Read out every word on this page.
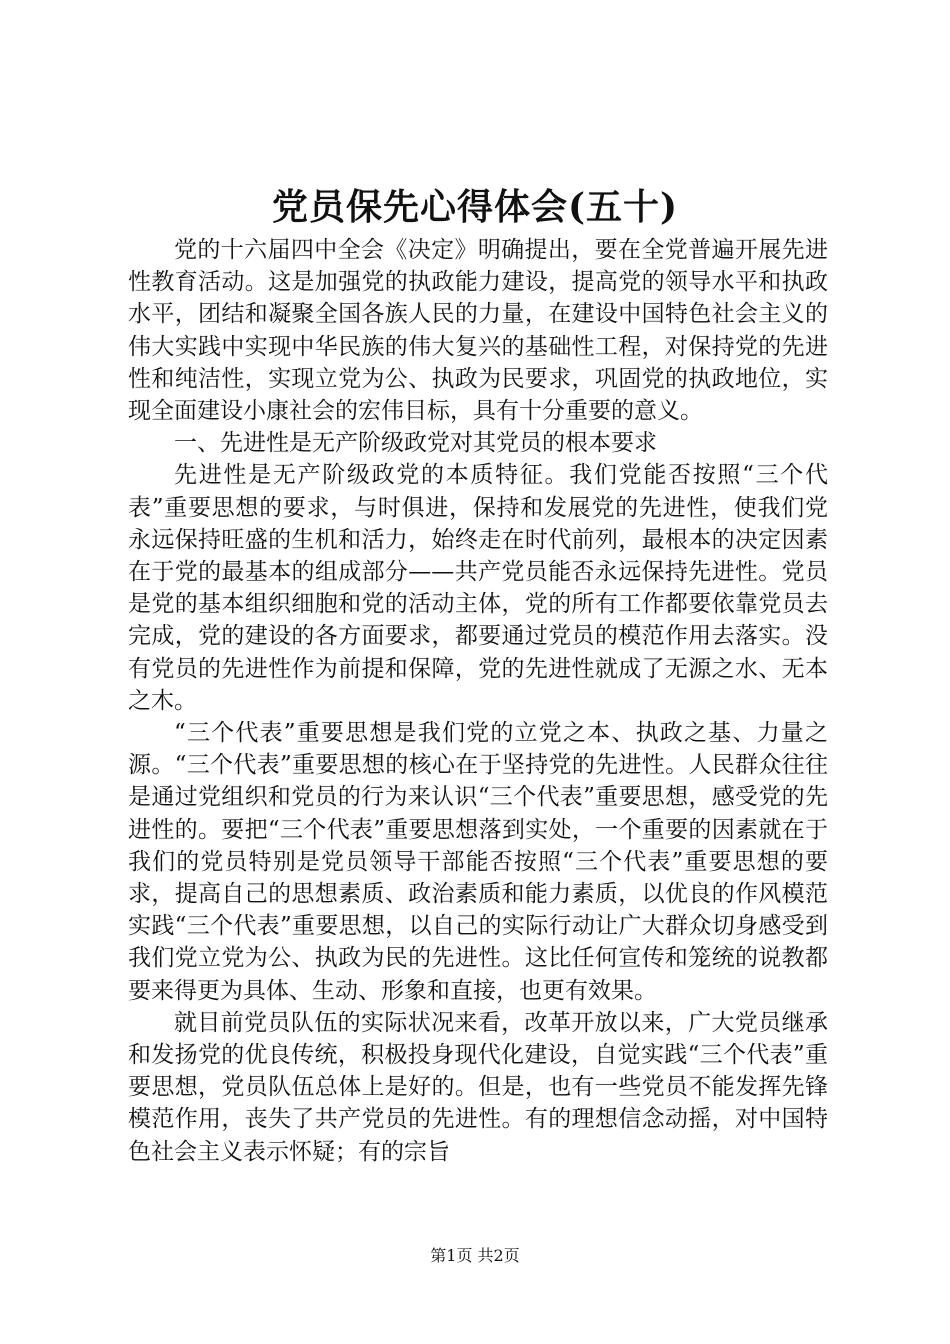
党员保先心得体会(五十)

党的十六届四中全会《决定》明确提出，要在全党普遍开展先进性教育活动。这是加强党的执政能力建设，提高党的领导水平和执政水平，团结和凝聚全国各族人民的力量，在建设中国特色社会主义的伟大实践中实现中华民族的伟大复兴的基础性工程，对保持党的先进性和纯洁性，实现立党为公、执政为民要求，巩固党的执政地位，实现全面建设小康社会的宏伟目标，具有十分重要的意义。

一、先进性是无产阶级政党对其党员的根本要求

先进性是无产阶级政党的本质特征。我们党能否按照“三个代表”重要思想的要求，与时俱进，保持和发展党的先进性，使我们党永远保持旺盛的生机和活力，始终走在时代前列，最根本的决定因素在于党的最基本的组成部分——共产党员能否永远保持先进性。党员是党的基本组织细胞和党的活动主体，党的所有工作都要依靠党员去完成，党的建设的各方面要求，都要通过党员的模范作用去落实。没有党员的先进性作为前提和保障，党的先进性就成了无源之水、无本之木。

“三个代表”重要思想是我们党的立党之本、执政之基、力量之源。“三个代表”重要思想的核心在于坚持党的先进性。人民群众往往是通过党组织和党员的行为来认识“三个代表”重要思想，感受党的先进性的。要把“三个代表”重要思想落到实处，一个重要的因素就在于我们的党员特别是党员领导干部能否按照“三个代表”重要思想的要求，提高自己的思想素质、政治素质和能力素质，以优良的作风模范实践“三个代表”重要思想，以自己的实际行动让广大群众切身感受到我们党立党为公、执政为民的先进性。这比任何宣传和笼统的说教都要来得更为具体、生动、形象和直接，也更有效果。

就目前党员队伍的实际状况来看，改革开放以来，广大党员继承和发扬党的优良传统，积极投身现代化建设，自觉实践“三个代表”重要思想，党员队伍总体上是好的。但是，也有一些党员不能发挥先锋模范作用，丧失了共产党员的先进性。有的理想信念动摇，对中国特色社会主义表示怀疑；有的宗旨

第1页 共2页
